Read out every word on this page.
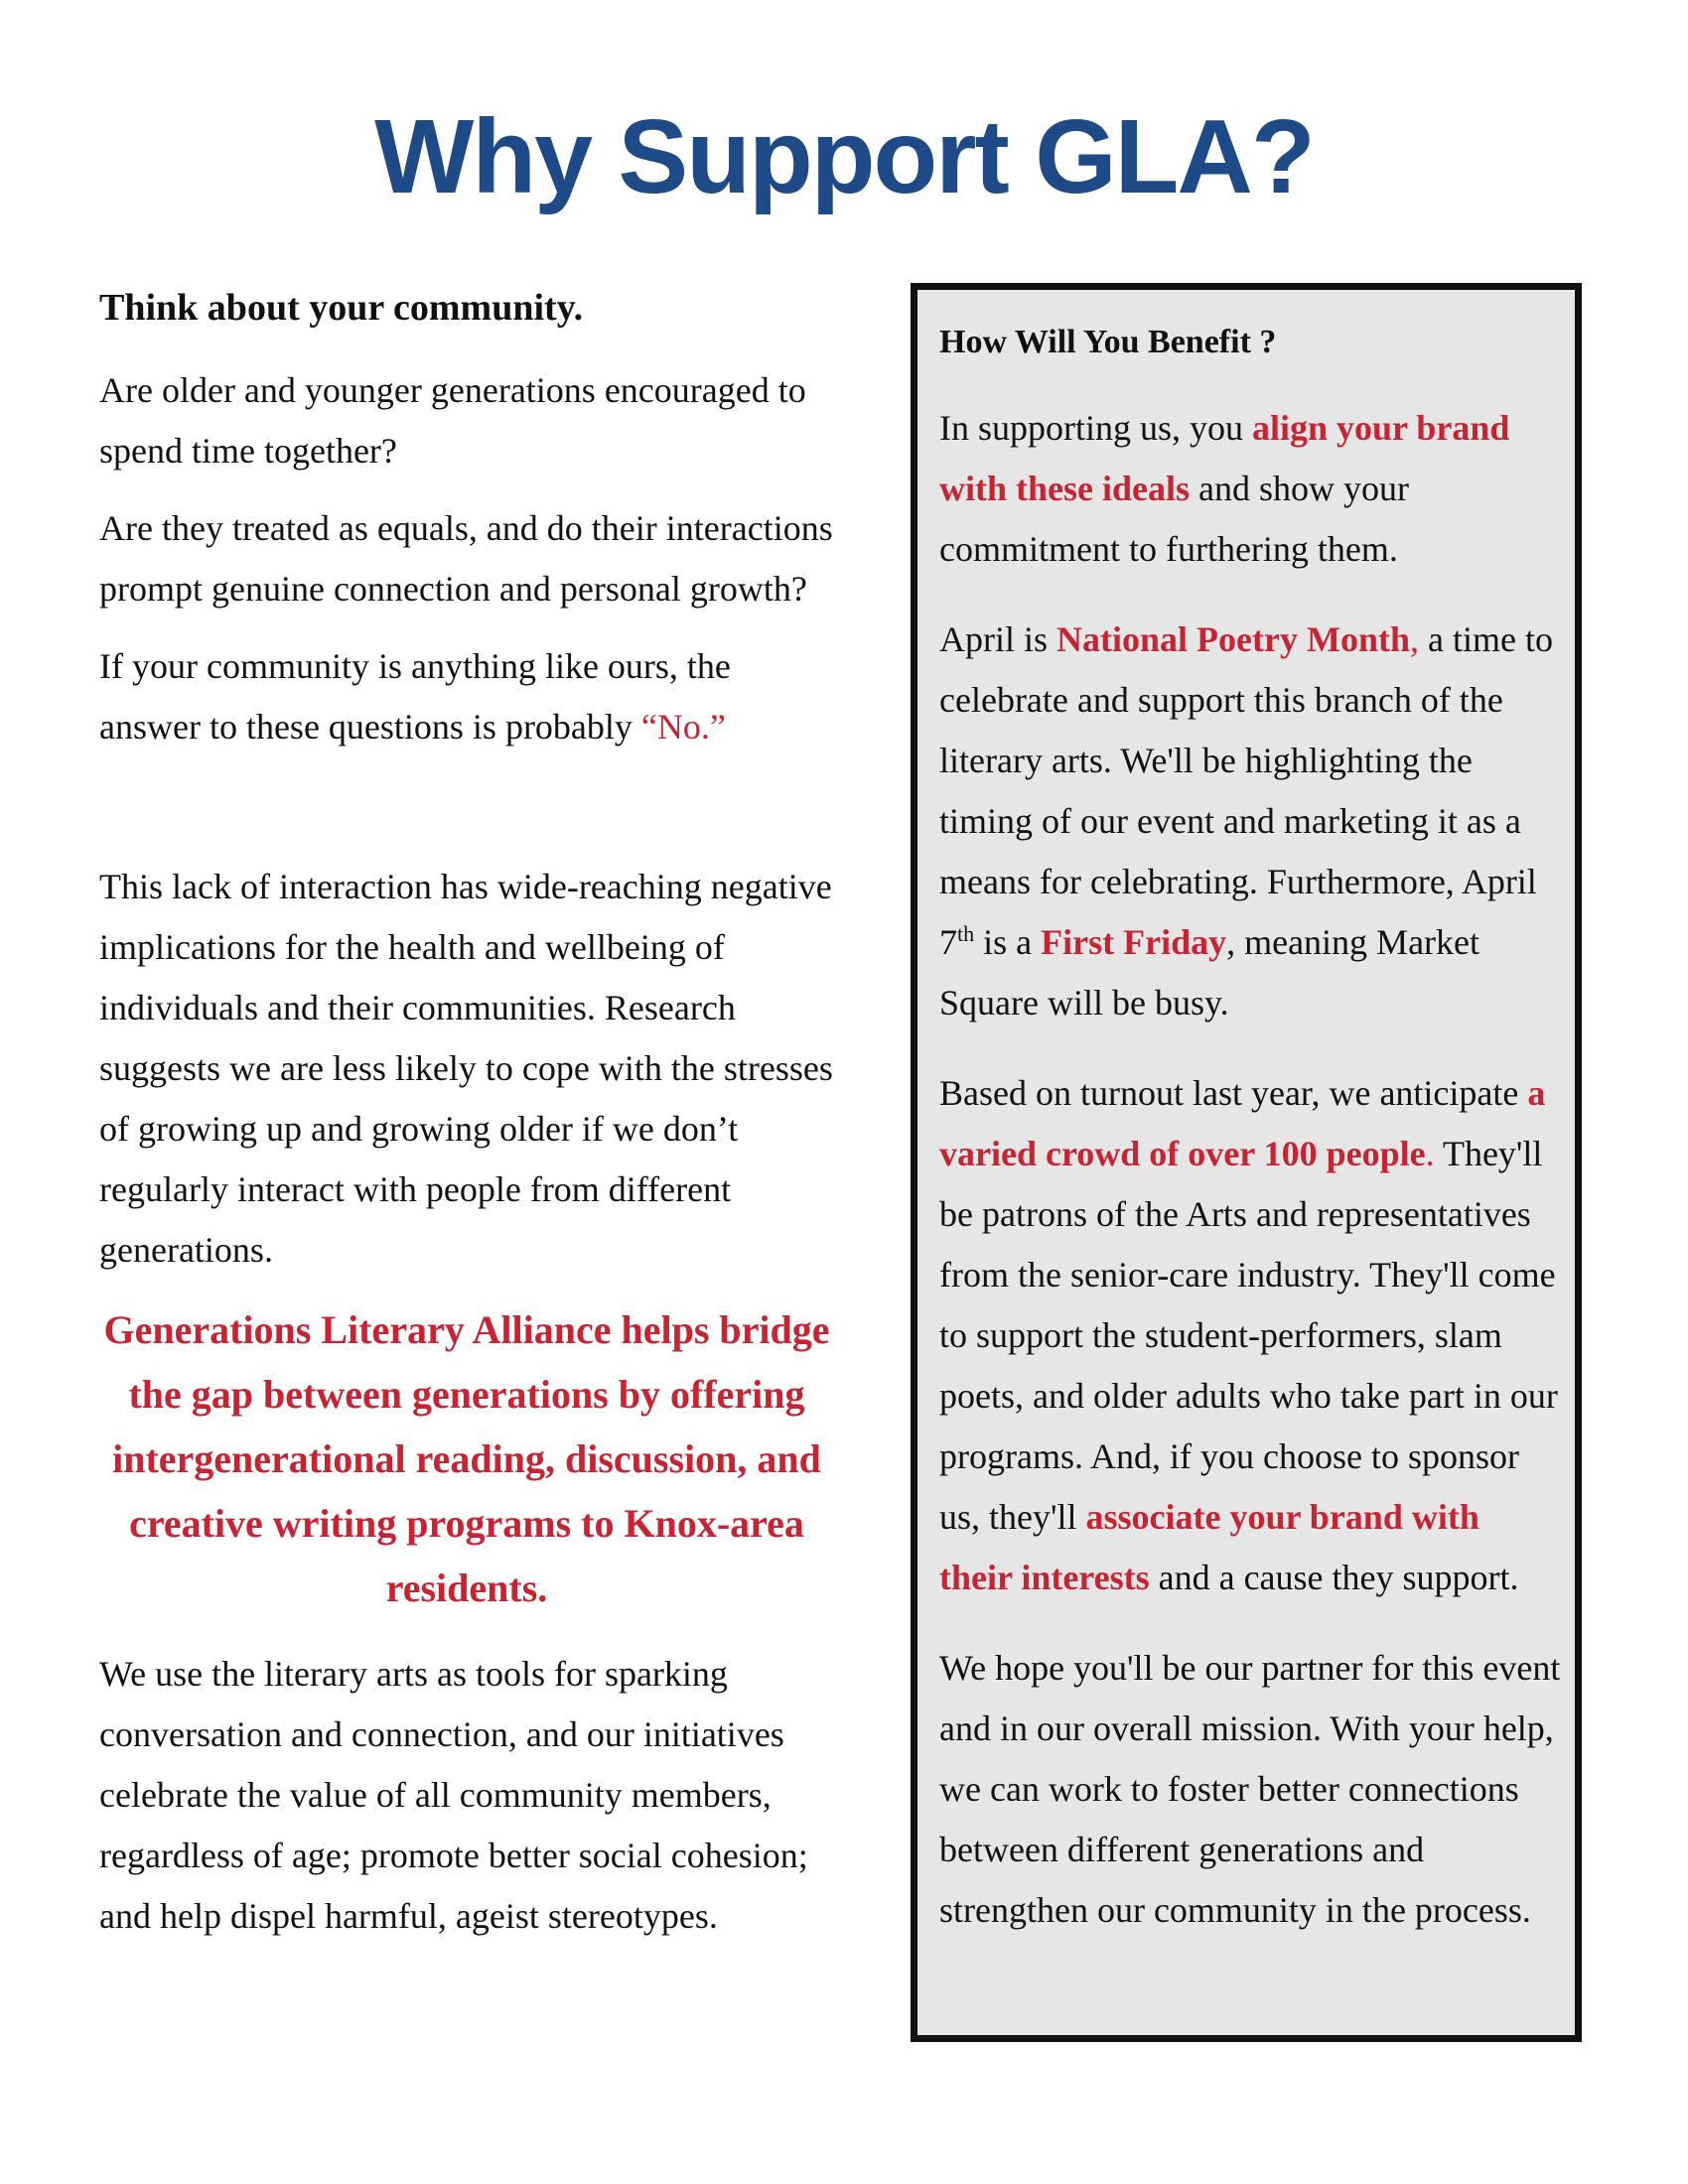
Why Support GLA?

Think about your community.

Are older and younger generations encouraged to spend time together?

Are they treated as equals, and do their interactions prompt genuine connection and personal growth?

If your community is anything like ours, the answer to these questions is probably “No.”

This lack of interaction has wide-reaching negative implications for the health and wellbeing of individuals and their communities. Research suggests we are less likely to cope with the stresses of growing up and growing older if we don’t regularly interact with people from different generations.

Generations Literary Alliance helps bridge the gap between generations by offering intergenerational reading, discussion, and creative writing programs to Knox-area residents.

We use the literary arts as tools for sparking conversation and connection, and our initiatives celebrate the value of all community members, regardless of age; promote better social cohesion; and help dispel harmful, ageist stereotypes.

How Will You Benefit ?

In supporting us, you align your brand with these ideals and show your commitment to furthering them.

April is National Poetry Month, a time to celebrate and support this branch of the literary arts. We'll be highlighting the timing of our event and marketing it as a means for celebrating. Furthermore, April 7th is a First Friday, meaning Market Square will be busy.

Based on turnout last year, we anticipate a varied crowd of over 100 people. They'll be patrons of the Arts and representatives from the senior-care industry. They'll come to support the student-performers, slam poets, and older adults who take part in our programs. And, if you choose to sponsor us, they'll associate your brand with their interests and a cause they support.

We hope you'll be our partner for this event and in our overall mission. With your help, we can work to foster better connections between different generations and strengthen our community in the process.
